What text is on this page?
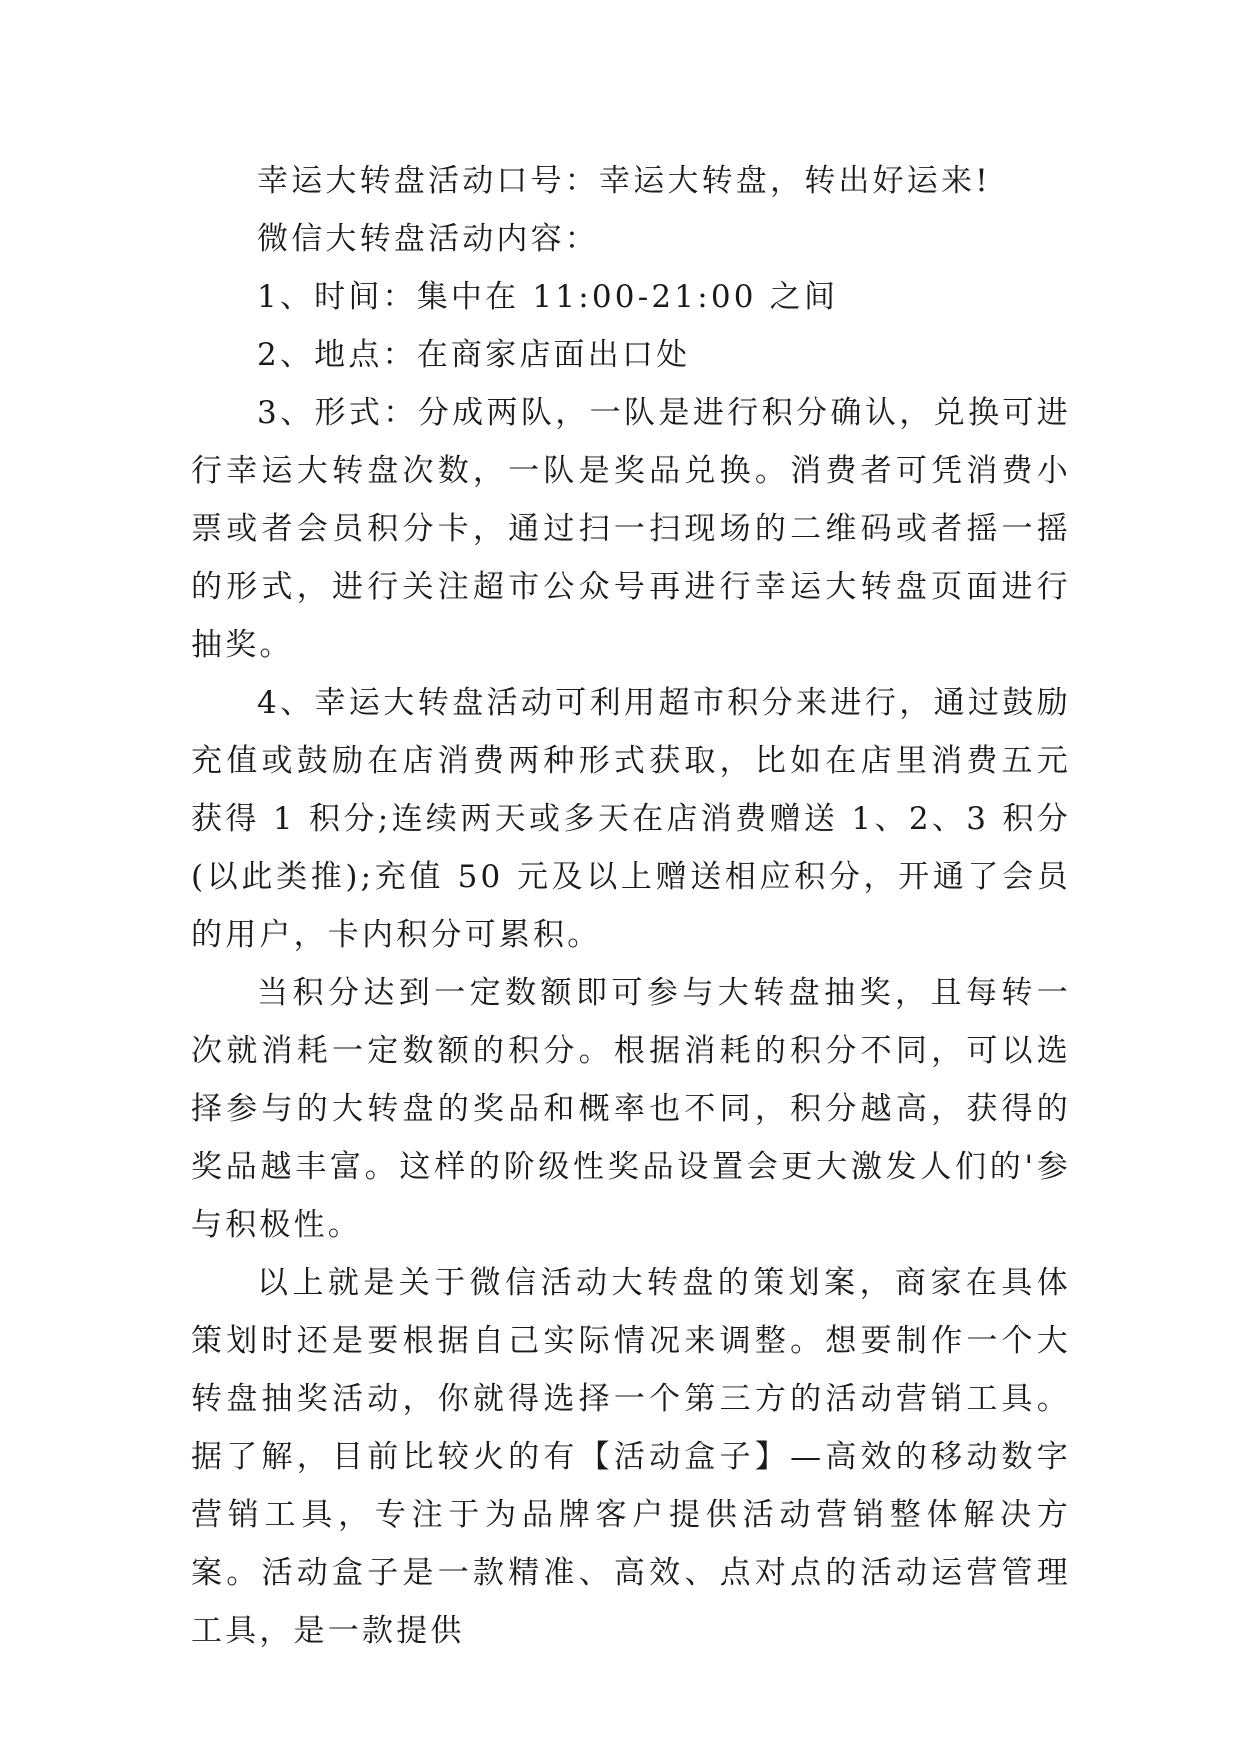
幸运大转盘活动口号：幸运大转盘，转出好运来!

微信大转盘活动内容：

1、时间：集中在 11:00-21:00 之间

2、地点：在商家店面出口处

3、形式：分成两队，一队是进行积分确认，兑换可进行幸运大转盘次数，一队是奖品兑换。消费者可凭消费小票或者会员积分卡，通过扫一扫现场的二维码或者摇一摇的形式，进行关注超市公众号再进行幸运大转盘页面进行抽奖。

4、幸运大转盘活动可利用超市积分来进行，通过鼓励充值或鼓励在店消费两种形式获取，比如在店里消费五元获得 1 积分;连续两天或多天在店消费赠送 1、2、3 积分(以此类推);充值 50 元及以上赠送相应积分，开通了会员的用户，卡内积分可累积。

当积分达到一定数额即可参与大转盘抽奖，且每转一次就消耗一定数额的积分。根据消耗的积分不同，可以选择参与的大转盘的奖品和概率也不同，积分越高，获得的奖品越丰富。这样的阶级性奖品设置会更大激发人们的'参与积极性。

以上就是关于微信活动大转盘的策划案，商家在具体策划时还是要根据自己实际情况来调整。想要制作一个大转盘抽奖活动，你就得选择一个第三方的活动营销工具。据了解，目前比较火的有【活动盒子】—高效的移动数字营销工具，专注于为品牌客户提供活动营销整体解决方案。活动盒子是一款精准、高效、点对点的活动运营管理工具，是一款提供
